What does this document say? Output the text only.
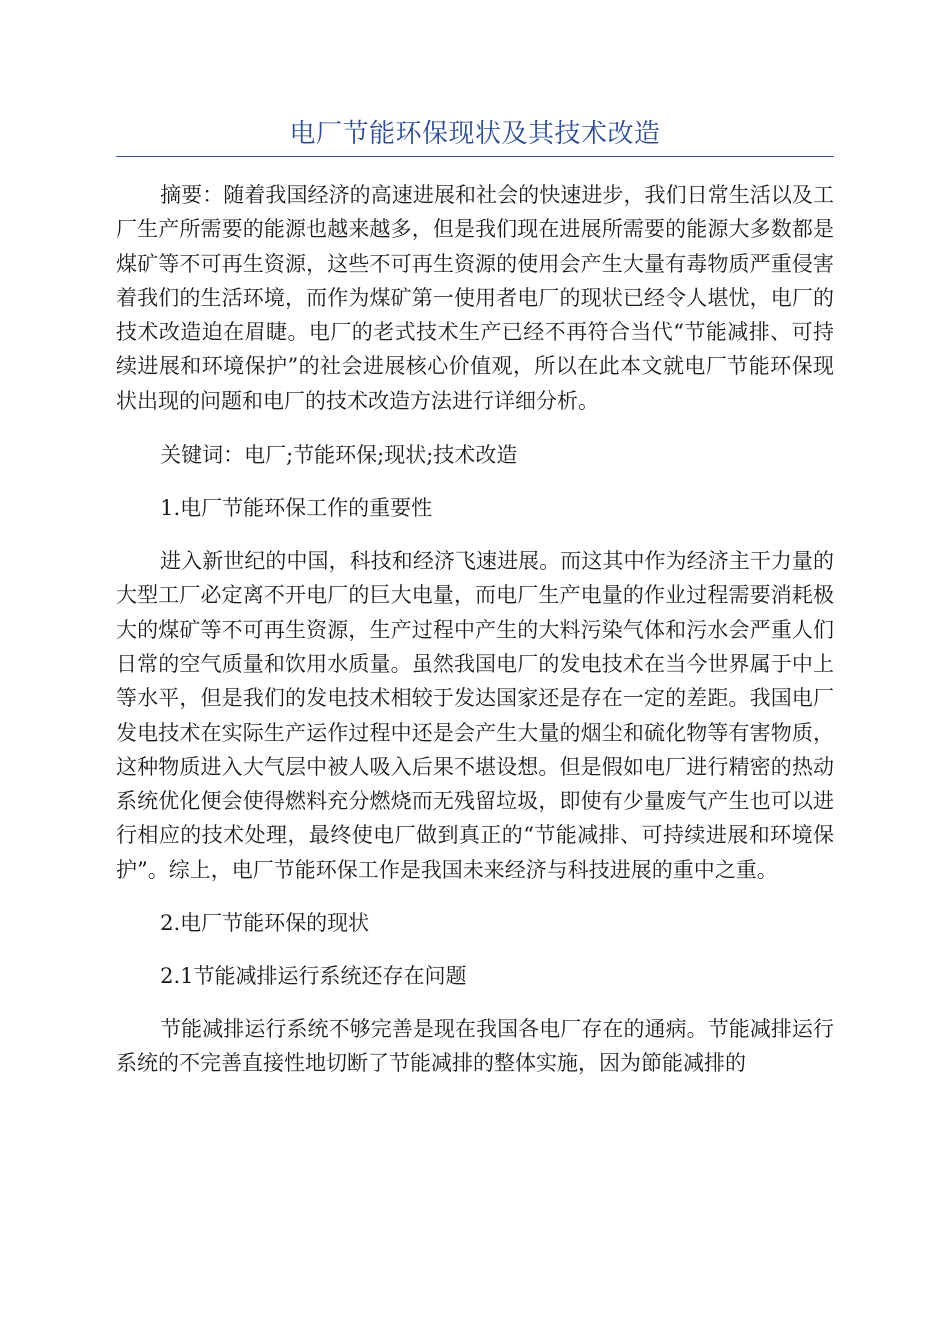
电厂节能环保现状及其技术改造

摘要：随着我国经济的高速进展和社会的快速进步，我们日常生活以及工厂生产所需要的能源也越来越多，但是我们现在进展所需要的能源大多数都是煤矿等不可再生资源，这些不可再生资源的使用会产生大量有毒物质严重侵害着我们的生活环境，而作为煤矿第一使用者电厂的现状已经令人堪忧，电厂的技术改造迫在眉睫。电厂的老式技术生产已经不再符合当代“节能减排、可持续进展和环境保护”的社会进展核心价值观，所以在此本文就电厂节能环保现状出现的问题和电厂的技术改造方法进行详细分析。

关键词：电厂;节能环保;现状;技术改造

1.电厂节能环保工作的重要性

进入新世纪的中国，科技和经济飞速进展。而这其中作为经济主干力量的大型工厂必定离不开电厂的巨大电量，而电厂生产电量的作业过程需要消耗极大的煤矿等不可再生资源，生产过程中产生的大料污染气体和污水会严重人们日常的空气质量和饮用水质量。虽然我国电厂的发电技术在当今世界属于中上等水平，但是我们的发电技术相较于发达国家还是存在一定的差距。我国电厂发电技术在实际生产运作过程中还是会产生大量的烟尘和硫化物等有害物质，这种物质进入大气层中被人吸入后果不堪设想。但是假如电厂进行精密的热动系统优化便会使得燃料充分燃烧而无残留垃圾，即使有少量废气产生也可以进行相应的技术处理，最终使电厂做到真正的“节能减排、可持续进展和环境保护”。综上，电厂节能环保工作是我国未来经济与科技进展的重中之重。

2.电厂节能环保的现状

2.1节能减排运行系统还存在问题

节能减排运行系统不够完善是现在我国各电厂存在的通病。节能减排运行系统的不完善直接性地切断了节能减排的整体实施，因为節能减排的
